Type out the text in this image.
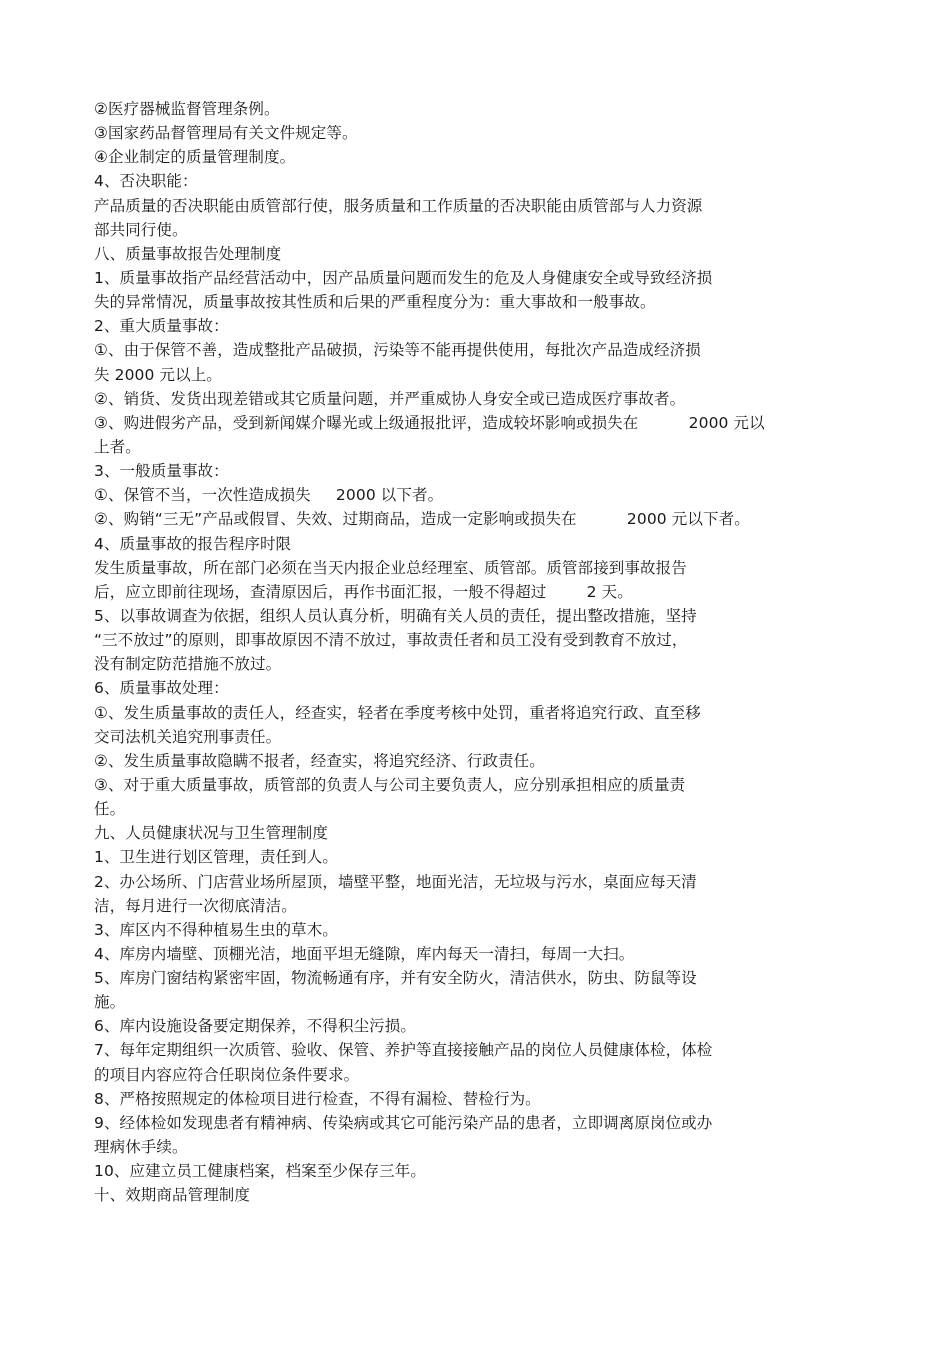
②医疗器械监督管理条例。
③国家药品督管理局有关文件规定等。
④企业制定的质量管理制度。
4、否决职能：
产品质量的否决职能由质管部行使，服务质量和工作质量的否决职能由质管部与人力资源
部共同行使。
八、质量事故报告处理制度
1、质量事故指产品经营活动中，因产品质量问题而发生的危及人身健康安全或导致经济损
失的异常情况，质量事故按其性质和后果的严重程度分为：重大事故和一般事故。
2、重大质量事故：
①、由于保管不善，造成整批产品破损，污染等不能再提供使用，每批次产品造成经济损
失 2000 元以上。
②、销货、发货出现差错或其它质量问题，并严重威协人身安全或已造成医疗事故者。
③、购进假劣产品，受到新闻媒介曝光或上级通报批评，造成较坏影响或损失在          2000 元以
上者。
3、一般质量事故：
①、保管不当，一次性造成损失     2000 以下者。
②、购销“三无”产品或假冒、失效、过期商品，造成一定影响或损失在          2000 元以下者。
4、质量事故的报告程序时限
发生质量事故，所在部门必须在当天内报企业总经理室、质管部。质管部接到事故报告
后，应立即前往现场，查清原因后，再作书面汇报，一般不得超过        2 天。
5、以事故调查为依据，组织人员认真分析，明确有关人员的责任，提出整改措施，坚持
“三不放过”的原则，即事故原因不清不放过，事故责任者和员工没有受到教育不放过，
没有制定防范措施不放过。
6、质量事故处理：
①、发生质量事故的责任人，经查实，轻者在季度考核中处罚，重者将追究行政、直至移
交司法机关追究刑事责任。
②、发生质量事故隐瞒不报者，经查实，将追究经济、行政责任。
③、对于重大质量事故，质管部的负责人与公司主要负责人，应分别承担相应的质量责
任。
九、人员健康状况与卫生管理制度
1、卫生进行划区管理，责任到人。
2、办公场所、门店营业场所屋顶，墙壁平整，地面光洁，无垃圾与污水，桌面应每天清
洁，每月进行一次彻底清洁。
3、库区内不得种植易生虫的草木。
4、库房内墙壁、顶棚光洁，地面平坦无缝隙，库内每天一清扫，每周一大扫。
5、库房门窗结构紧密牢固，物流畅通有序，并有安全防火，清洁供水，防虫、防鼠等设
施。
6、库内设施设备要定期保养，不得积尘污损。
7、每年定期组织一次质管、验收、保管、养护等直接接触产品的岗位人员健康体检，体检
的项目内容应符合任职岗位条件要求。
8、严格按照规定的体检项目进行检查，不得有漏检、替检行为。
9、经体检如发现患者有精神病、传染病或其它可能污染产品的患者，立即调离原岗位或办
理病休手续。
10、应建立员工健康档案，档案至少保存三年。
十、效期商品管理制度
